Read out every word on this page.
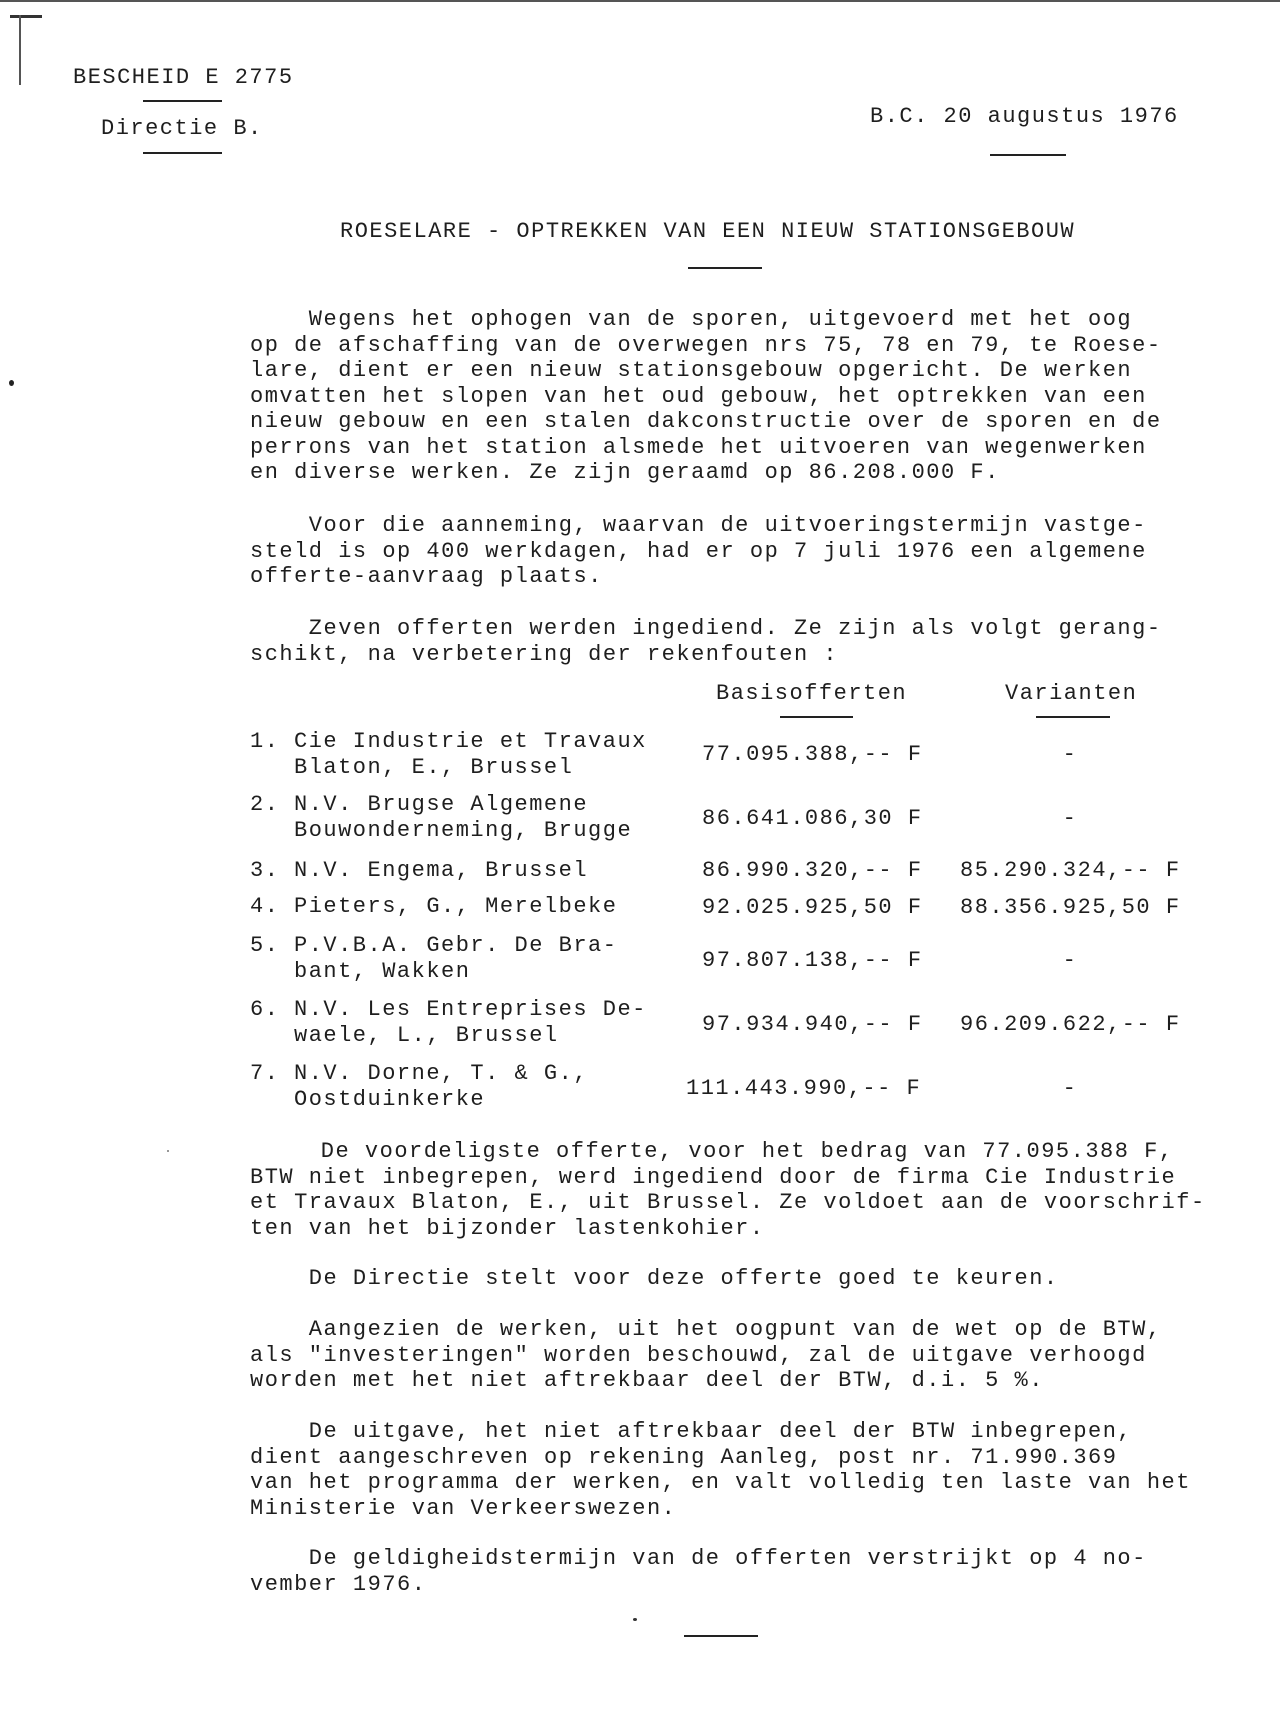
BESCHEID E 2775
Directie B.	B.C. 20 augustus 1976
ROESELARE - OPTREKKEN VAN EEN NIEUW STATIONSGEBOUW
Wegens het ophogen van de sporen, uitgevoerd met het oog
op de afschaffing van de overwegen nrs 75, 78 en 79, te Roese-
lare, dient er een nieuw stationsgebouw opgericht. De werken
omvatten het slopen van het oud gebouw, het optrekken van een
nieuw gebouw en een stalen dakconstructie over de sporen en de
perrons van het station alsmede het uitvoeren van wegenwerken
en diverse werken. Ze zijn geraamd op 86.208.000 F.
Voor die aanneming, waarvan de uitvoeringstermijn vastge-
steld is op 400 werkdagen, had er op 7 juli 1976 een algemene
offerte-aanvraag plaats.
Zeven offerten werden ingediend. Ze zijn als volgt gerang-
schikt, na verbetering der rekenfouten :
Basisofferten	Varianten
1. Cie Industrie et Travaux
Blaton, E., Brussel	77.095.388,-- F	-
2. N.V. Brugse Algemene
Bouwonderneming, Brugge	86.641.086,30 F	-
3. N.V. Engema, Brussel	86.990.320,-- F 85.290.324,-- F
4. Pieters, G., Merelbeke	92.025.925,50 F 88.356.925,50 F
5. P.V.B.A. Gebr. De Bra-
bant, Wakken	97.807.138,-- F	-
6. N.V. Les Entreprises De-
waele, L., Brussel	97.934.940,-- F 96.209.622,-- F
7. N.V. Dorne, T. & G.,
Oostduinkerke	111.443.990,-- F	-
De voordeligste offerte, voor het bedrag van 77.095.388 F,
BTW niet inbegrepen, werd ingediend door de firma Cie Industrie
et Travaux Blaton, E., uit Brussel. Ze voldoet aan de voorschrif-
ten van het bijzonder lastenkohier.
De Directie stelt voor deze offerte goed te keuren.
Aangezien de werken, uit het oogpunt van de wet op de BTW,
als "investeringen" worden beschouwd, zal de uitgave verhoogd
worden met het niet aftrekbaar deel der BTW, d.i. 5 %.
De uitgave, het niet aftrekbaar deel der BTW inbegrepen,
dient aangeschreven op rekening Aanleg, post nr. 71.990.369
van het programma der werken, en valt volledig ten laste van het
Ministerie van Verkeerswezen.
De geldigheidstermijn van de offerten verstrijkt op 4 no-
vember 1976.
